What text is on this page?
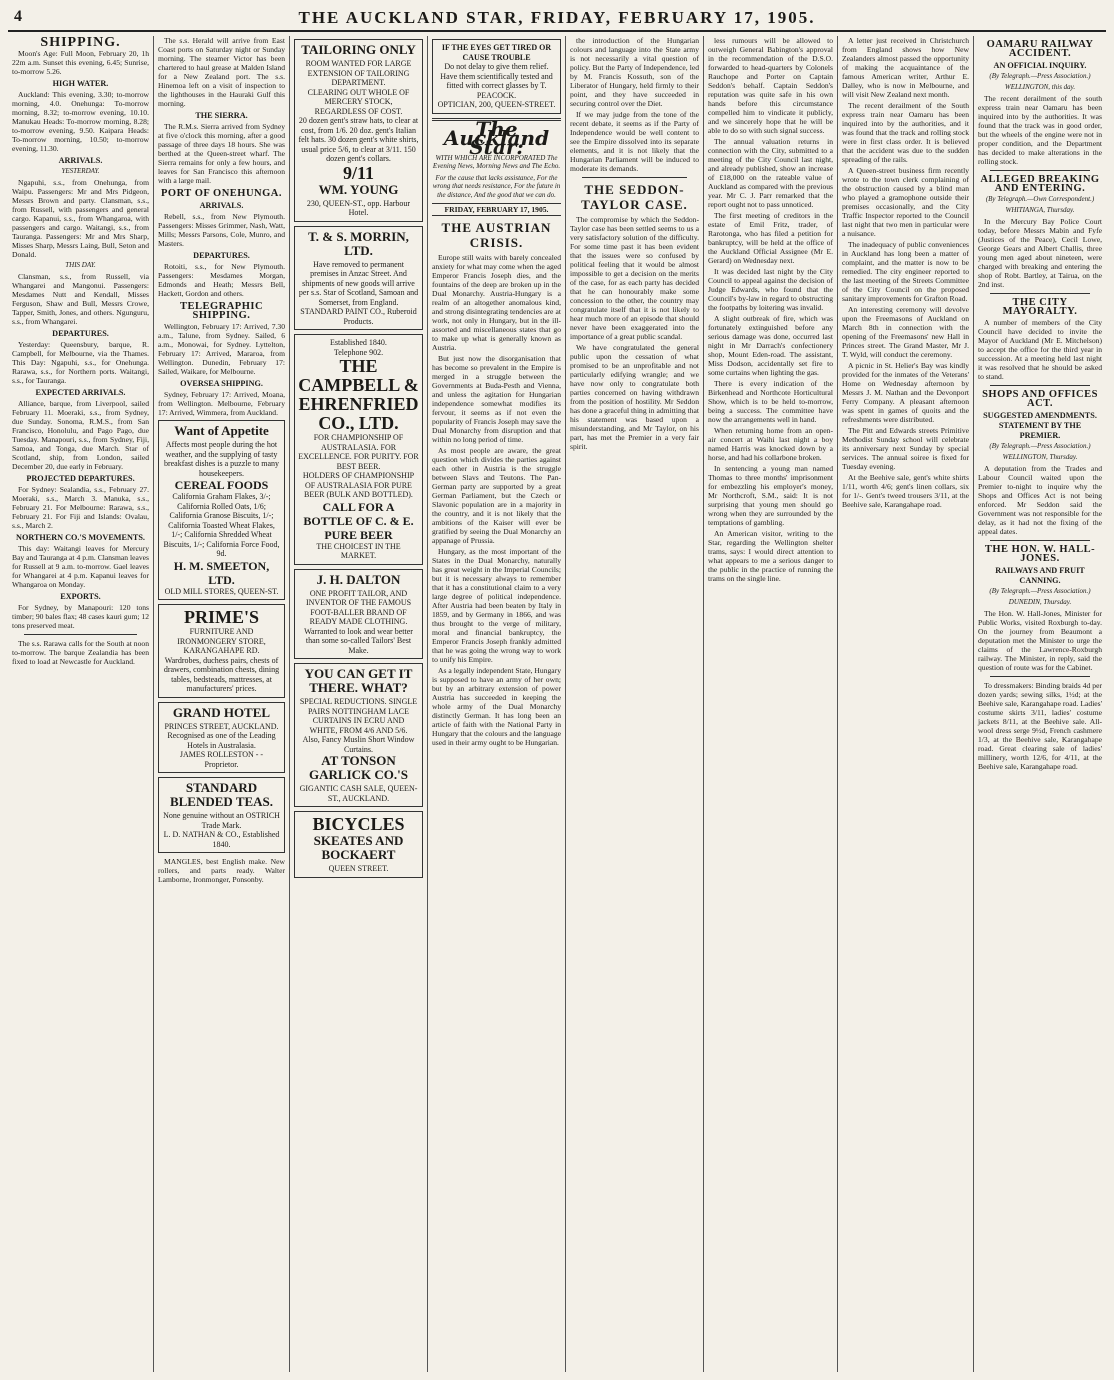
4	THE AUCKLAND STAR, FRIDAY, FEBRUARY 17, 1905.
SHIPPING.

Moon's Age: Full Moon, February 20, 1h 22m a.m. Sunset this evening, 6.45; Sunrise, to-morrow 5.26.

HIGH WATER.

Auckland: This evening, 3.30; to-morrow morning, 4.0. Onehunga: To-morrow morning, 8.32; to-morrow evening, 10.10. Manukau Heads: To-morrow morning, 8.28; to-morrow evening, 9.50. Kaipara Heads: To-morrow morning, 10.50; to-morrow evening, 11.30.

ARRIVALS.
YESTERDAY.

Ngapuhi, s.s., from Onehunga, from Waipu. Passengers: Mr and Mrs Pidgeon, Messrs Brown and party. Clansman, s.s., from Russell, with passengers and general cargo. Kapanui, s.s., from Whangaroa, with passengers and cargo. Waitangi, s.s., from Tauranga. Passengers: Mr and Mrs Sharp, Misses Sharp, Messrs Laing, Bull, Seton and Donald.

THIS DAY.

Clansman, s.s., from Russell, via Whangarei and Mangonui. Passengers: Mesdames Nutt and Kendall, Misses Ferguson, Shaw and Bull, Messrs Crowe, Tapper, Smith, Jones, and others. Ngunguru, s.s., from Whangarei.

DEPARTURES.

Yesterday: Queensbury, barque, R. Campbell, for Melbourne, via the Thames. This Day: Ngapuhi, s.s., for Onehunga. Rarawa, s.s., for Northern ports. Waitangi, s.s., for Tauranga.

EXPECTED ARRIVALS.

Alliance, barque, from Liverpool, sailed February 11. Moeraki, s.s., from Sydney, due Sunday. Sonoma, R.M.S., from San Francisco, Honolulu, and Pago Pago, due Tuesday. Manapouri, s.s., from Sydney, Fiji, Samoa, and Tonga, due March. Star of Scotland, ship, from London, sailed December 20, due early in February.

PROJECTED DEPARTURES.

For Sydney: Sealandia, s.s., February 27. Moeraki, s.s., March 3. Manuka, s.s., February 21. For Melbourne: Rarawa, s.s., February 21. For Fiji and Islands: Ovalau, s.s., March 2.

NORTHERN CO.'S MOVEMENTS.

This day: Waitangi leaves for Mercury Bay and Tauranga at 4 p.m. Clansman leaves for Russell at 9 a.m. to-morrow. Gael leaves for Whangarei at 4 p.m. Kapanui leaves for Whangaroa on Monday.

EXPORTS.

For Sydney, by Manapouri: 120 tons timber; 90 bales flax; 48 cases kauri gum; 12 tons preserved meat.

The s.s. Rarawa calls for the South at noon to-morrow. The barque Zealandia has been fixed to load at Newcastle for Auckland.

The s.s. Herald will arrive from East Coast ports on Saturday night or Sunday morning. The steamer Victor has been chartered to haul grease at Malden Island for a New Zealand port. The s.s. Hinemoa left on a visit of inspection to the lighthouses in the Hauraki Gulf this morning.

THE SIERRA.

The R.M.s. Sierra arrived from Sydney at five o'clock this morning, after a good passage of three days 18 hours. She was berthed at the Queen-street wharf. The Sierra remains for only a few hours, and leaves for San Francisco this afternoon with a large mail.

PORT OF ONEHUNGA.
ARRIVALS.

Rebell, s.s., from New Plymouth. Passengers: Misses Grimmer, Nash, Watt, Mills; Messrs Parsons, Cole, Munro, and Masters.

DEPARTURES.

Rotoiti, s.s., for New Plymouth. Passengers: Mesdames Morgan, Edmonds and Heath; Messrs Bell, Hackett, Gordon and others.

TELEGRAPHIC SHIPPING.

Wellington, February 17: Arrived, 7.30 a.m., Talune, from Sydney. Sailed, 6 a.m., Monowai, for Sydney. Lyttelton, February 17: Arrived, Mararoa, from Wellington. Dunedin, February 17: Sailed, Waikare, for Melbourne.

OVERSEA SHIPPING.

Sydney, February 17: Arrived, Moana, from Wellington. Melbourne, February 17: Arrived, Wimmera, from Auckland.

Want of Appetite
Affects most people during the hot weather, and the supplying of tasty breakfast dishes is a puzzle to many housekeepers.
CEREAL FOODS
California Graham Flakes, 3/-; California Rolled Oats, 1/6; California Granose Biscuits, 1/-; California Toasted Wheat Flakes, 1/-; California Shredded Wheat Biscuits, 1/-; California Force Food, 9d.
H. M. SMEETON, LTD.
OLD MILL STORES, QUEEN-ST.
PRIME'S
FURNITURE AND IRONMONGERY STORE, KARANGAHAPE RD.
Wardrobes, duchess pairs, chests of drawers, combination chests, dining tables, bedsteads, mattresses, at manufacturers' prices.
GRAND HOTEL
PRINCES STREET, AUCKLAND. Recognised as one of the Leading Hotels in Australasia.
JAMES ROLLESTON - - Proprietor.
STANDARD BLENDED TEAS.
None genuine without an OSTRICH Trade Mark.
L. D. NATHAN & CO., Established 1840.

MANGLES, best English make. New rollers, and parts ready. Walter Lamborne, Ironmonger, Ponsonby.

TAILORING ONLY
ROOM WANTED FOR LARGE EXTENSION OF TAILORING DEPARTMENT.
CLEARING OUT WHOLE OF MERCERY STOCK, REGARDLESS OF COST.
20 dozen gent's straw hats, to clear at cost, from 1/6. 20 doz. gent's Italian felt hats. 30 dozen gent's white shirts, usual price 5/6, to clear at 3/11. 150 dozen gent's collars.
9/11
WM. YOUNG
230, QUEEN-ST., opp. Harbour Hotel.
T. & S. MORRIN, LTD.
Have removed to permanent premises in Anzac Street. And shipments of new goods will arrive per s.s. Star of Scotland, Samoan and Somerset, from England.
STANDARD PAINT CO., Ruberoid Products.
Established 1840.
Telephone 902.
THE CAMPBELL & EHRENFRIED CO., LTD.
FOR CHAMPIONSHIP OF AUSTRALASIA. FOR EXCELLENCE. FOR PURITY. FOR BEST BEER.
HOLDERS OF CHAMPIONSHIP OF AUSTRALASIA FOR PURE BEER (BULK AND BOTTLED).
CALL FOR A BOTTLE OF C. & E. PURE BEER
THE CHOICEST IN THE MARKET.
J. H. DALTON
ONE PROFIT TAILOR, AND INVENTOR OF THE FAMOUS FOOT-BALLER BRAND OF READY MADE CLOTHING.
Warranted to look and wear better than some so-called Tailors' Best Make.
YOU CAN GET IT THERE. WHAT?
SPECIAL REDUCTIONS. SINGLE PAIRS NOTTINGHAM LACE CURTAINS IN ECRU AND WHITE, FROM 4/6 AND 5/6.
Also, Fancy Muslin Short Window Curtains.
AT TONSON GARLICK CO.'S
GIGANTIC CASH SALE, QUEEN-ST., AUCKLAND.
BICYCLES
SKEATES AND BOCKAERT
QUEEN STREET.
IF THE EYES GET TIRED OR CAUSE TROUBLE
Do not delay to give them relief. Have them scientifically tested and fitted with correct glasses by T. PEACOCK.
OPTICIAN, 200, QUEEN-STREET.
The Auckland Star:
WITH WHICH ARE INCORPORATED The Evening News, Morning News and The Echo.
For the cause that lacks assistance, For the wrong that needs resistance, For the future in the distance, And the good that we can do.
FRIDAY, FEBRUARY 17, 1905.
THE AUSTRIAN CRISIS.

Europe still waits with barely concealed anxiety for what may come when the aged Emperor Francis Joseph dies, and the fountains of the deep are broken up in the Dual Monarchy. Austria-Hungary is a realm of an altogether anomalous kind, and strong disintegrating tendencies are at work, not only in Hungary, but in the ill-assorted and miscellaneous states that go to make up what is generally known as Austria.

But just now the disorganisation that has become so prevalent in the Empire is merged in a struggle between the Governments at Buda-Pesth and Vienna, and unless the agitation for Hungarian independence somewhat modifies its fervour, it seems as if not even the popularity of Francis Joseph may save the Dual Monarchy from disruption and that within no long period of time.

As most people are aware, the great question which divides the parties against each other in Austria is the struggle between Slavs and Teutons. The Pan-German party are supported by a great German Parliament, but the Czech or Slavonic population are in a majority in the country, and it is not likely that the ambitions of the Kaiser will ever be gratified by seeing the Dual Monarchy an appanage of Prussia.

Hungary, as the most important of the States in the Dual Monarchy, naturally has great weight in the Imperial Councils; but it is necessary always to remember that it has a constitutional claim to a very large degree of political independence. After Austria had been beaten by Italy in 1859, and by Germany in 1866, and was thus brought to the verge of military, moral and financial bankruptcy, the Emperor Francis Joseph frankly admitted that he was going the wrong way to work to unify his Empire.

As a legally independent State, Hungary is supposed to have an army of her own; but by an arbitrary extension of power Austria has succeeded in keeping the whole army of the Dual Monarchy distinctly German. It has long been an article of faith with the National Party in Hungary that the colours and the language used in their army ought to be Hungarian.

the introduction of the Hungarian colours and language into the State army is not necessarily a vital question of policy. But the Party of Independence, led by M. Francis Kossuth, son of the Liberator of Hungary, held firmly to their point, and they have succeeded in securing control over the Diet.

If we may judge from the tone of the recent debate, it seems as if the Party of Independence would be well content to see the Empire dissolved into its separate elements, and it is not likely that the Hungarian Parliament will be induced to moderate its demands.

THE SEDDON-TAYLOR CASE.

The compromise by which the Seddon-Taylor case has been settled seems to us a very satisfactory solution of the difficulty. For some time past it has been evident that the issues were so confused by political feeling that it would be almost impossible to get a decision on the merits of the case, for as each party has decided that he can honourably make some concession to the other, the country may congratulate itself that it is not likely to hear much more of an episode that should never have been exaggerated into the importance of a great public scandal.

We have congratulated the general public upon the cessation of what promised to be an unprofitable and not particularly edifying wrangle; and we have now only to congratulate both parties concerned on having withdrawn from the position of hostility. Mr Seddon has done a graceful thing in admitting that his statement was based upon a misunderstanding, and Mr Taylor, on his part, has met the Premier in a very fair spirit.

less rumours will be allowed to outweigh General Babington's approval in the recommendation of the D.S.O. forwarded to head-quarters by Colonels Rauchope and Porter on Captain Seddon's behalf. Captain Seddon's reputation was quite safe in his own hands before this circumstance compelled him to vindicate it publicly, and we sincerely hope that he will be able to do so with such signal success.

The annual valuation returns in connection with the City, submitted to a meeting of the City Council last night, and already published, show an increase of £18,000 on the rateable value of Auckland as compared with the previous year. Mr C. J. Parr remarked that the report ought not to pass unnoticed.

The first meeting of creditors in the estate of Emil Fritz, trader, of Rarotonga, who has filed a petition for bankruptcy, will be held at the office of the Auckland Official Assignee (Mr E. Gerard) on Wednesday next.

It was decided last night by the City Council to appeal against the decision of Judge Edwards, who found that the Council's by-law in regard to obstructing the footpaths by loitering was invalid.

A slight outbreak of fire, which was fortunately extinguished before any serious damage was done, occurred last night in Mr Darrach's confectionery shop, Mount Eden-road. The assistant, Miss Dodson, accidentally set fire to some curtains when lighting the gas.

There is every indication of the Birkenhead and Northcote Horticultural Show, which is to be held to-morrow, being a success. The committee have now the arrangements well in hand.

When returning home from an open-air concert at Waihi last night a boy named Harris was knocked down by a horse, and had his collarbone broken.

In sentencing a young man named Thomas to three months' imprisonment for embezzling his employer's money, Mr Northcroft, S.M., said: It is not surprising that young men should go wrong when they are surrounded by the temptations of gambling.

An American visitor, writing to the Star, regarding the Wellington shelter trams, says: I would direct attention to what appears to me a serious danger to the public in the practice of running the trams on the single line.

A letter just received in Christchurch from England shows how New Zealanders almost passed the opportunity of making the acquaintance of the famous American writer, Arthur E. Dalley, who is now in Melbourne, and will visit New Zealand next month.

The recent derailment of the South express train near Oamaru has been inquired into by the authorities, and it was found that the track and rolling stock were in first class order. It is believed that the accident was due to the sudden spreading of the rails.

A Queen-street business firm recently wrote to the town clerk complaining of the obstruction caused by a blind man who played a gramophone outside their premises occasionally, and the City Traffic Inspector reported to the Council last night that two men in particular were a nuisance.

The inadequacy of public conveniences in Auckland has long been a matter of complaint, and the matter is now to be remedied. The city engineer reported to the last meeting of the Streets Committee of the City Council on the proposed sanitary improvements for Grafton Road.

An interesting ceremony will devolve upon the Freemasons of Auckland on March 8th in connection with the opening of the Freemasons' new Hall in Princes street. The Grand Master, Mr J. T. Wyld, will conduct the ceremony.

A picnic in St. Helier's Bay was kindly provided for the inmates of the Veterans' Home on Wednesday afternoon by Messrs J. M. Nathan and the Devonport Ferry Company. A pleasant afternoon was spent in games of quoits and the refreshments were distributed.

The Pitt and Edwards streets Primitive Methodist Sunday school will celebrate its anniversary next Sunday by special services. The annual soiree is fixed for Tuesday evening.

At the Beehive sale, gent's white shirts 1/11, worth 4/6; gent's linen collars, six for 1/-. Gent's tweed trousers 3/11, at the Beehive sale, Karangahape road.

OAMARU RAILWAY ACCIDENT.
AN OFFICIAL INQUIRY.
(By Telegraph.—Press Association.)
WELLINGTON, this day.

The recent derailment of the south express train near Oamaru has been inquired into by the authorities. It was found that the track was in good order, but the wheels of the engine were not in proper condition, and the Department has decided to make alterations in the rolling stock.

ALLEGED BREAKING AND ENTERING.
(By Telegraph.—Own Correspondent.)
WHITIANGA, Thursday.

In the Mercury Bay Police Court today, before Messrs Mabin and Fyfe (Justices of the Peace), Cecil Lowe, George Gears and Albert Challis, three young men aged about nineteen, were charged with breaking and entering the shop of Robt. Bartley, at Tairua, on the 2nd inst.

THE CITY MAYORALTY.

A number of members of the City Council have decided to invite the Mayor of Auckland (Mr E. Mitchelson) to accept the office for the third year in succession. At a meeting held last night it was resolved that he should be asked to stand.

SHOPS AND OFFICES ACT.
SUGGESTED AMENDMENTS. STATEMENT BY THE PREMIER.
(By Telegraph.—Press Association.)
WELLINGTON, Thursday.

A deputation from the Trades and Labour Council waited upon the Premier to-night to inquire why the Shops and Offices Act is not being enforced. Mr Seddon said the Government was not responsible for the delay, as it had not the fixing of the appeal dates.

THE HON. W. HALL-JONES.
RAILWAYS AND FRUIT CANNING.
(By Telegraph.—Press Association.)
DUNEDIN, Thursday.

The Hon. W. Hall-Jones, Minister for Public Works, visited Roxburgh to-day. On the journey from Beaumont a deputation met the Minister to urge the claims of the Lawrence-Roxburgh railway. The Minister, in reply, said the question of route was for the Cabinet.

To dressmakers: Binding braids 4d per dozen yards; sewing silks, 1½d; at the Beehive sale, Karangahape road. Ladies' costume skirts 3/11, ladies' costume jackets 8/11, at the Beehive sale. All-wool dress serge 9½d, French cashmere 1/3, at the Beehive sale, Karangahape road. Great clearing sale of ladies' millinery, worth 12/6, for 4/11, at the Beehive sale, Karangahape road.
